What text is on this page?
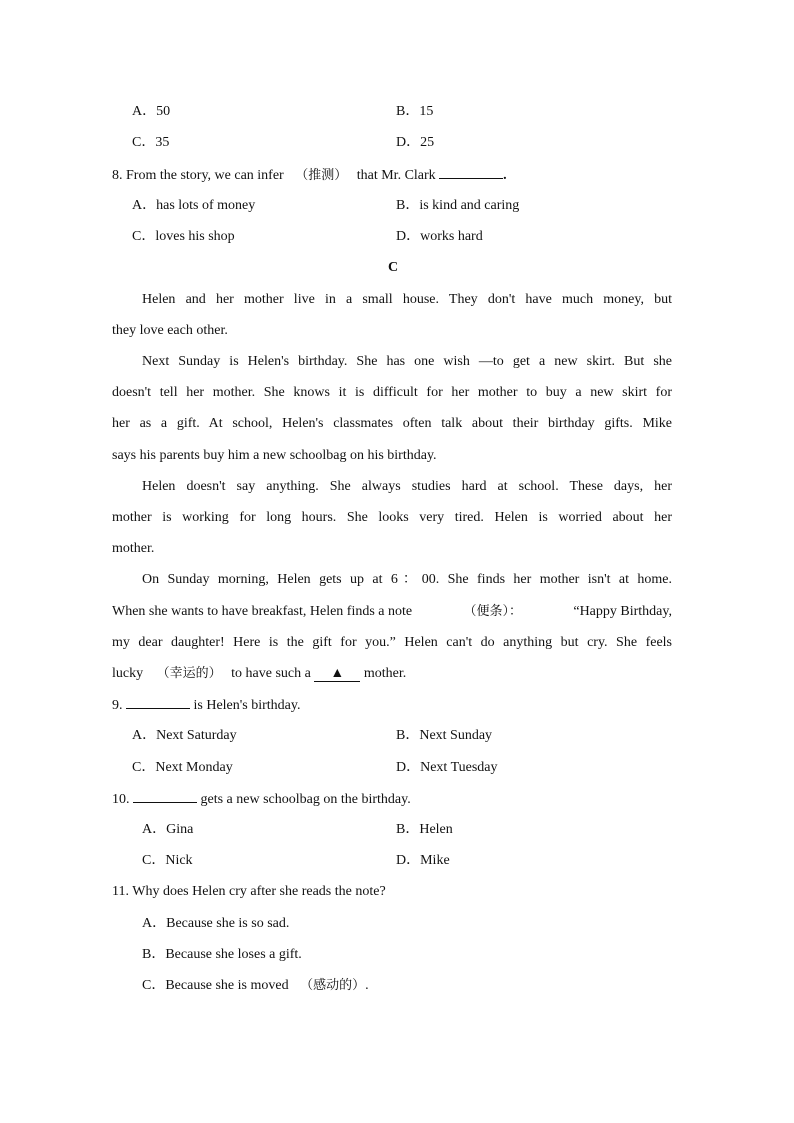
A．50	B．15
C．35	D．25
8. From the story, we can infer （推测） that Mr. Clark	.
A．has lots of money	B．is kind and caring
C．loves his shop	D．works hard
C
Helen and her mother live in a small house. They don't have much money, but
they love each other.
Next Sunday is Helen's birthday. She has one wish —to get a new skirt. But she
doesn't tell her mother. She knows it is difficult for her mother to buy a new skirt for
her as a gift. At school, Helen's classmates often talk about their birthday gifts. Mike
says his parents buy him a new schoolbag on his birthday.
Helen doesn't say anything. She always studies hard at school. These days, her
mother is working for long hours. She looks very tired. Helen is worried about her
mother.
On Sunday morning, Helen gets up at 6：00. She finds her mother isn't at home.
When she wants to have breakfast, Helen finds a note	（便条）：	“Happy Birthday,
my dear daughter! Here is the gift for you.” Helen can't do anything but cry. She feels
lucky （幸运的） to have such a ▲ mother.
9.	is Helen's birthday.
A．Next Saturday	B．Next Sunday
C．Next Monday	D．Next Tuesday
10.	gets a new schoolbag on the birthday.
A．Gina	B．Helen
C．Nick	D．Mike
11. Why does Helen cry after she reads the note?
A．Because she is so sad.
B．Because she loses a gift.
C．Because she is moved （感动的）.
